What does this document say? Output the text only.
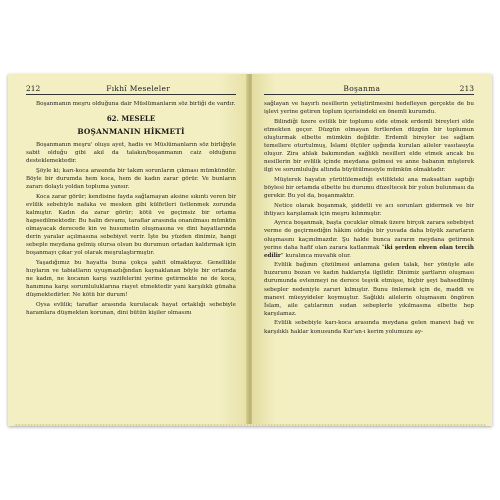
212	Fıkhî Meseleler

Boşanmanın meşru olduğuna dair Müslümanların söz birliği de vardır.

62. MESELE
BOŞANMANIN HİKMETİ

Boşanmanın meşru' oluşu ayet, hadis ve Müslümanların söz birliğiyle sabit olduğu gibi akıl da talakın/boşanmanın caiz olduğunu desteklemektedir.

Şöyle ki; karı-koca arasında bir takım sorunların çıkması mümkündür. Böyle bir durumda hem koca, hem de kadın zarar görür. Ve bunların zararı dolaylı yoldan topluma yansır.

Koca zarar görür; kendisine fayda sağlamayan aksine sıkıntı veren bir evlilik sebebiyle nafaka ve mesken gibi külfetleri üstlenmek zorunda kalmıştır. Kadın da zarar görür; kötü ve geçimsiz bir ortama hapsedilmektedir. Bu halin devamı, taraflar arasında onanılması mümkün olmayacak derecede kin ve husumetin oluşmasına ve dini hayatlarında derin yaralar açılmasına sebebiyet verir. İşte bu yüzden dinimiz, hangi sebeple meydana gelmiş olursa olsun bu durumun ortadan kaldırmak için boşanmayı çıkar yol olarak meşrulaştırmıştır.

Yaşadığımız bu hayatta buna çokça şahit olmaktayız. Genellikle huyların ve tabiatların uyuşmazlığından kaynaklanan böyle bir ortamda ne kadın, ne kocanın karşı vazifelerini yerine getirmekte ne de koca, hanımına karşı sorumluluklarına riayet etmektedir yani karşılıklı günaha düşmektedirler. Ne kötü bir durum!

Oysa evlilik; taraflar arasında kurulacak hayat ortaklığı sebebiyle haramlara düşmekten korunan, dini bütün kişiler olmasını

Boşanma	213

sağlayan ve hayırlı nesillerin yetiştirilmesini hedefleyen gerçekte de bu işlevi yerine getiren toplum içerisindeki en önemli kurumdu.

Bilindiği üzere evlilik bir toplumu elde etmek erdemli bireyleri elde etmekten geçer. Düzgün olmayan fertlerden düzgün bir toplumun oluşturmak elbette mümkün değildir. Erdemli bireyler ise sağlam temellere oturtulmuş, İslami ölçüler ışığında kurulan aileler vasıtasıyla oluşur. Zira ahlak bakımından sağlıklı nesilleri elde etmek ancak bu nesillerin bir evlilik içinde meydana gelmesi ve anne babanın müşterek ilgi ve sorumluluğu altında büyütülmesiyle mümkün olmaktadır.

Müşterek hayatın yürütülemediği evlilikteki ana maksattan saptığı böylesi bir ortamda elbette bu durumu düzeltecek bir yolun bulunması da gerekir. Bu yol da, boşanmaktır.

Netice olarak boşanmak, şiddetli ve acı sorunları gidermek ve bir ihtiyacı karşılamak için meşru kılınmıştır.

Ayrıca boşanmak, başta çocuklar olmak üzere birçok zarara sebebiyet verme de geçirmediğin hâkim olduğu bir yuvada daha büyük zararların oluşmasını kaçınılmazdır. Şu halde bunca zararın meydana getirmek yerine daha hafif olan zarara katlanmak “iki şerden ehven olan tercih edilir” kuralınca muvafık olur.

Evlilik bağının çözülmesi anlamına gelen talak, her yönüyle aile huzurunu bozan ve kadın haklarıyla ilgilidir. Dinimiz şartların oluşması durumunda evlenmeyi ne derece teşvik etmişse, hiçbir şeyi bahsedilmiş sebepler nedeniyle zaruri kılmıştır. Bunu önlemek için de, maddi ve manevi müeyyideler koymuştur. Sağlıklı ailelerin oluşmasını öngören İslam, aile çatılarının sudan sebeplerle yıkılmasına elbette hep karşılamaz.

Evlilik sebebiyle karı-koca arasında meydana gelen manevi bağ ve karşılıklı haklar konusunda Kur'an-ı kerim yolumuzu ay-
